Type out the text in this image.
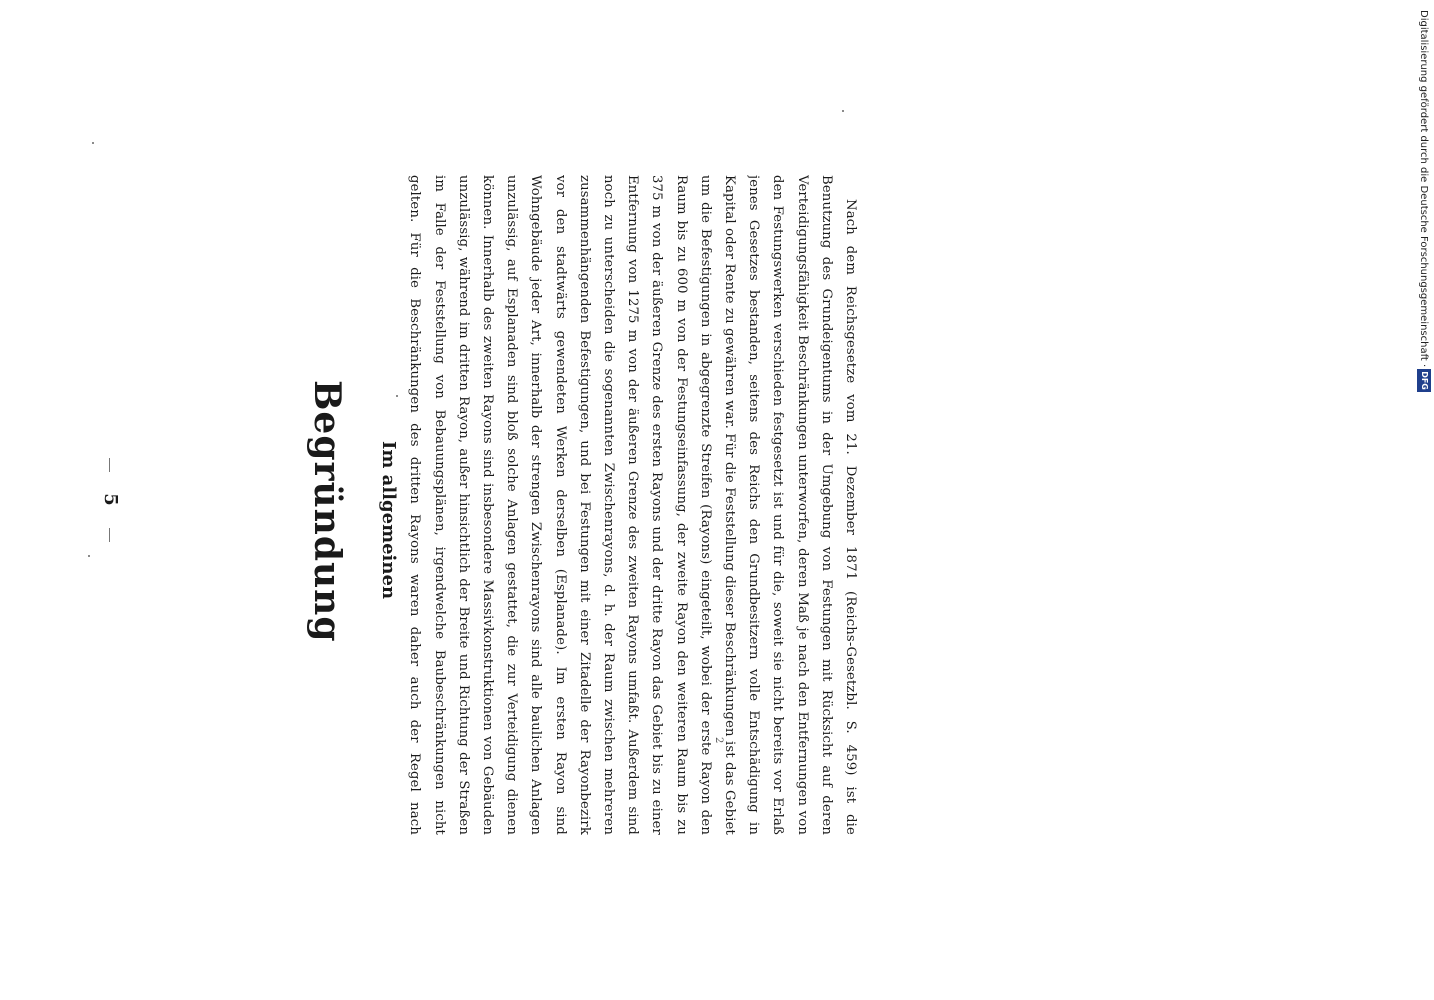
Digitalisierung gefördert durch die Deutsche Forschungsgemeinschaft ·DFG
5	Begründung Im allgemeinen

Nach dem Reichsgesetze vom 21. Dezember 1871 (Reichs-Gesetzbl. S. 459) ist die Benutzung des Grundeigentums in der Umgebung von Festungen mit Rücksicht auf deren Verteidigungsfähigkeit Beschränkungen unterworfen, deren Maß je nach den Entfernungen von den Festungswerken verschieden festgesetzt ist und für die, soweit sie nicht bereits vor Erlaß jenes Gesetzes bestanden, seitens des Reichs den Grundbesitzern volle Entschädigung in Kapital oder Rente zu gewähren war. Für die Feststellung dieser Beschränkungen ist das Gebiet um die Befestigungen in abgegrenzte Streifen (Rayons) eingeteilt, wobei der erste Rayon den Raum bis zu 600 m von der Festungseinfassung, der zweite Rayon den weiteren Raum bis zu 375 m von der äußeren Grenze des ersten Rayons und der dritte Rayon das Gebiet bis zu einer Entfernung von 1275 m von der äußeren Grenze des zweiten Rayons umfaßt. Außerdem sind noch zu unterscheiden die sogenannten Zwischenrayons, d. h. der Raum zwischen mehreren zusammenhängenden Befestigungen, und bei Festungen mit einer Zitadelle der Rayonbezirk vor den stadtwärts gewendeten Werken derselben (Esplanade). Im ersten Rayon sind Wohngebäude jeder Art, innerhalb der strengen Zwischenrayons sind alle baulichen Anlagen unzulässig, auf Esplanaden sind bloß solche Anlagen gestattet, die zur Verteidigung dienen können. Innerhalb des zweiten Rayons sind insbesondere Massivkonstruktionen von Gebäuden unzulässig, während im dritten Rayon, außer hinsichtlich der Breite und Richtung der Straßen im Falle der Feststellung von Bebauungsplänen, irgendwelche Baubeschränkungen nicht gelten. Für die Beschränkungen des dritten Rayons waren daher auch der Regel nach

2
